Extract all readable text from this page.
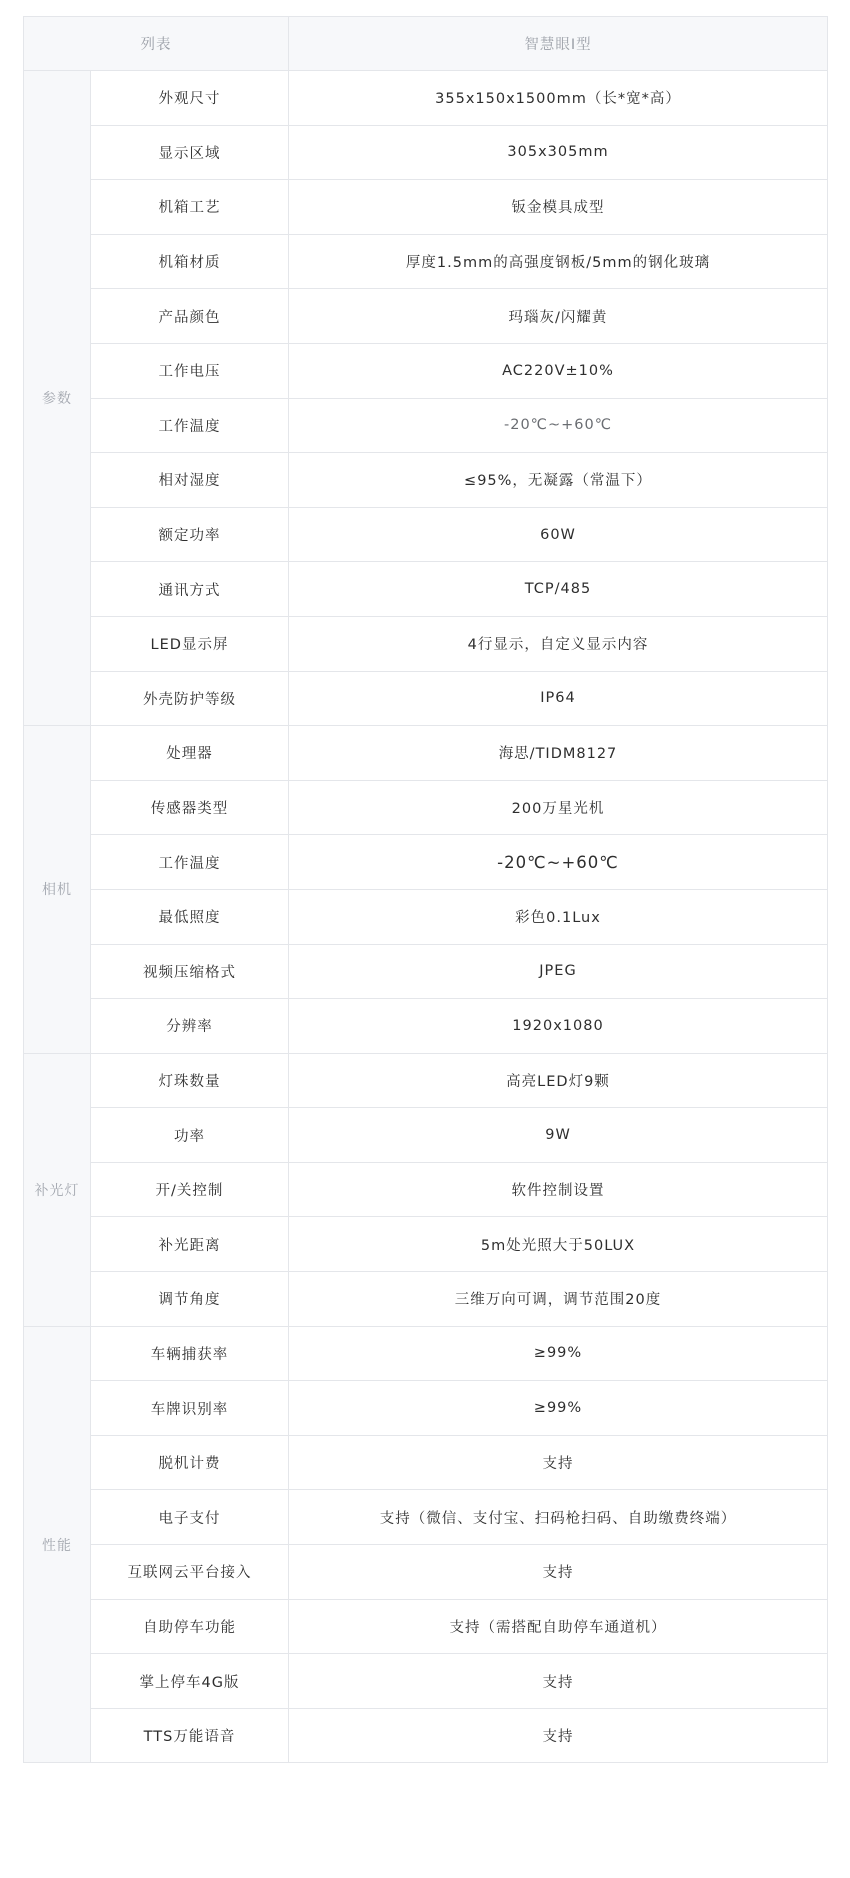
列表		智慧眼I型
参数	外观尺寸	355x150x1500mm（长*宽*高）
	显示区域	305x305mm
	机箱工艺	钣金模具成型
	机箱材质	厚度1.5mm的高强度钢板/5mm的钢化玻璃
	产品颜色	玛瑙灰/闪耀黄
	工作电压	AC220V±10%
	工作温度	-20℃~+60℃
	相对湿度	≤95%，无凝露（常温下）
	额定功率	60W
	通讯方式	TCP/485
	LED显示屏	4行显示，自定义显示内容
	外壳防护等级	IP64
相机	处理器	海思/TIDM8127
	传感器类型	200万星光机
	工作温度	-20℃~+60℃
	最低照度	彩色0.1Lux
	视频压缩格式	JPEG
	分辨率	1920x1080
补光灯	灯珠数量	高亮LED灯9颗
	功率	9W
	开/关控制	软件控制设置
	补光距离	5m处光照大于50LUX
	调节角度	三维万向可调，调节范围20度
性能	车辆捕获率	≥99%
	车牌识别率	≥99%
	脱机计费	支持
	电子支付	支持（微信、支付宝、扫码枪扫码、自助缴费终端）
	互联网云平台接入	支持
	自助停车功能	支持（需搭配自助停车通道机）
	掌上停车4G版	支持
	TTS万能语音	支持
